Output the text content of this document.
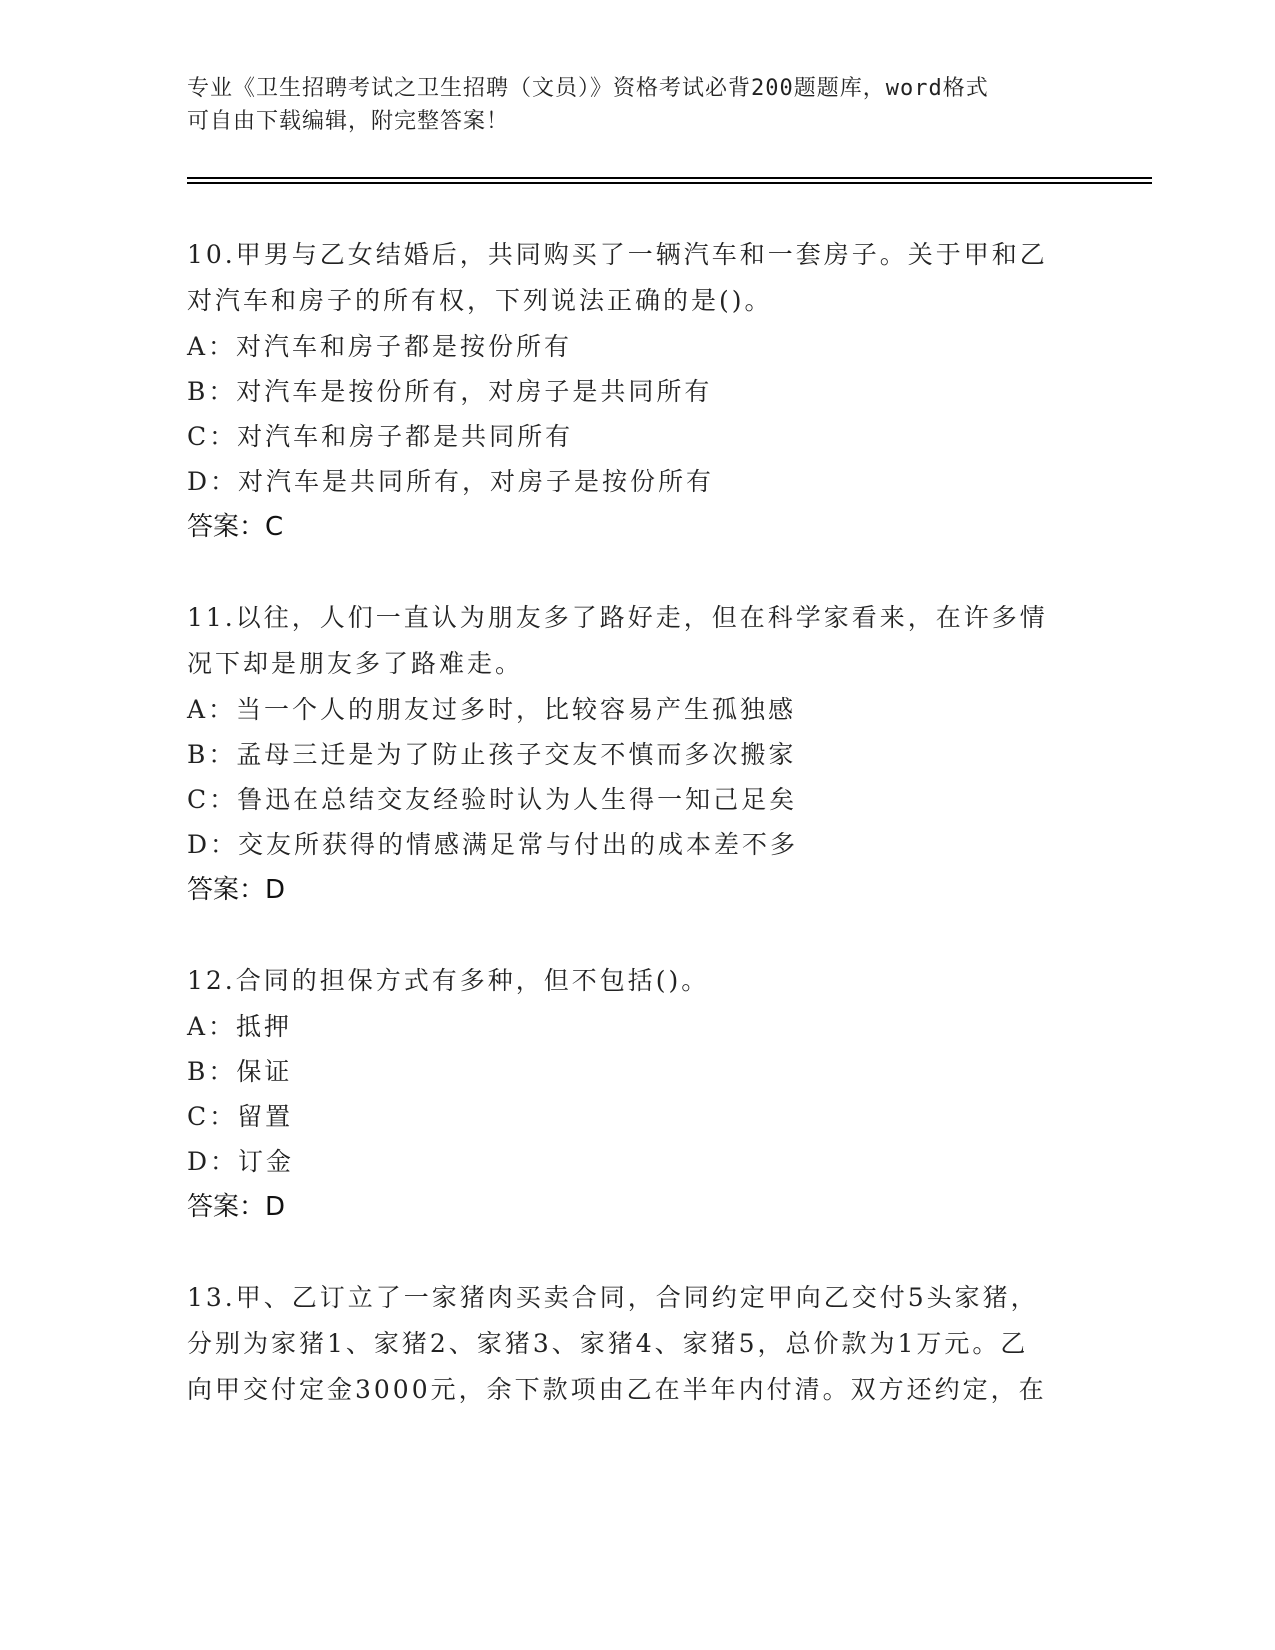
专业《卫生招聘考试之卫生招聘（文员）》资格考试必背200题题库，word格式
可自由下载编辑，附完整答案！
10.甲男与乙女结婚后，共同购买了一辆汽车和一套房子。关于甲和乙
对汽车和房子的所有权，下列说法正确的是()。
A：对汽车和房子都是按份所有
B：对汽车是按份所有，对房子是共同所有
C：对汽车和房子都是共同所有
D：对汽车是共同所有，对房子是按份所有
答案：C
11.以往，人们一直认为朋友多了路好走，但在科学家看来，在许多情
况下却是朋友多了路难走。
A：当一个人的朋友过多时，比较容易产生孤独感
B：孟母三迁是为了防止孩子交友不慎而多次搬家
C：鲁迅在总结交友经验时认为人生得一知己足矣
D：交友所获得的情感满足常与付出的成本差不多
答案：D
12.合同的担保方式有多种，但不包括()。
A：抵押
B：保证
C：留置
D：订金
答案：D
13.甲、乙订立了一家猪肉买卖合同，合同约定甲向乙交付5头家猪，
分别为家猪1、家猪2、家猪3、家猪4、家猪5，总价款为1万元。乙
向甲交付定金3000元，余下款项由乙在半年内付清。双方还约定，在
